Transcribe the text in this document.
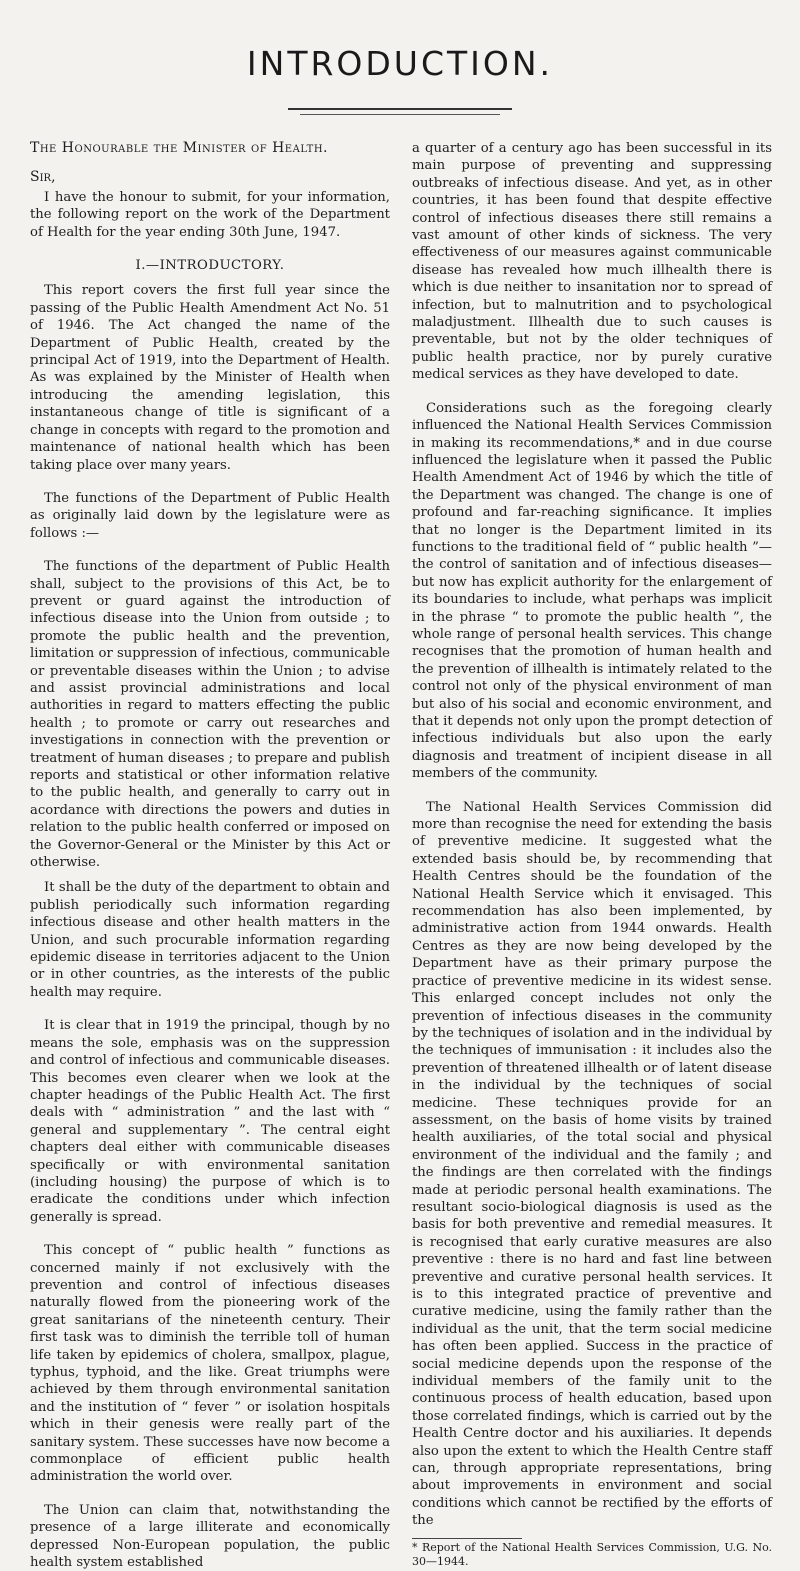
INTRODUCTION.

The Honourable the Minister of Health.

Sir,

I have the honour to submit, for your information, the following report on the work of the Department of Health for the year ending 30th June, 1947.

I.—INTRODUCTORY.

This report covers the first full year since the passing of the Public Health Amendment Act No. 51 of 1946. The Act changed the name of the Department of Public Health, created by the principal Act of 1919, into the Department of Health. As was explained by the Minister of Health when introducing the amending legislation, this instantaneous change of title is significant of a change in concepts with regard to the promotion and maintenance of national health which has been taking place over many years.

The functions of the Department of Public Health as originally laid down by the legislature were as follows :—

The functions of the department of Public Health shall, subject to the provisions of this Act, be to prevent or guard against the introduction of infectious disease into the Union from outside ; to promote the public health and the prevention, limitation or suppression of infectious, communicable or preventable diseases within the Union ; to advise and assist provincial administrations and local authorities in regard to matters effecting the public health ; to promote or carry out researches and investigations in connection with the prevention or treatment of human diseases ; to prepare and publish reports and statistical or other information relative to the public health, and generally to carry out in acordance with directions the powers and duties in relation to the public health conferred or imposed on the Governor-General or the Minister by this Act or otherwise.

It shall be the duty of the department to obtain and publish periodically such information regarding infectious disease and other health matters in the Union, and such procurable information regarding epidemic disease in territories adjacent to the Union or in other countries, as the interests of the public health may require.

It is clear that in 1919 the principal, though by no means the sole, emphasis was on the suppression and control of infectious and communicable diseases. This becomes even clearer when we look at the chapter headings of the Public Health Act. The first deals with “ administration ” and the last with “ general and supplementary ”. The central eight chapters deal either with communicable diseases specifically or with environmental sanitation (including housing) the purpose of which is to eradicate the conditions under which infection generally is spread.

This concept of “ public health ” functions as concerned mainly if not exclusively with the prevention and control of infectious diseases naturally flowed from the pioneering work of the great sanitarians of the nineteenth century. Their first task was to diminish the terrible toll of human life taken by epidemics of cholera, smallpox, plague, typhus, typhoid, and the like. Great triumphs were achieved by them through environmental sanitation and the institution of “ fever ” or isolation hospitals which in their genesis were really part of the sanitary system. These successes have now become a commonplace of efficient public health administration the world over.

The Union can claim that, notwithstanding the presence of a large illiterate and economically depressed Non-European population, the public health system established

a quarter of a century ago has been successful in its main purpose of preventing and suppressing outbreaks of infectious disease. And yet, as in other countries, it has been found that despite effective control of infectious diseases there still remains a vast amount of other kinds of sickness. The very effectiveness of our measures against communicable disease has revealed how much illhealth there is which is due neither to insanitation nor to spread of infection, but to malnutrition and to psychological maladjustment. Illhealth due to such causes is preventable, but not by the older techniques of public health practice, nor by purely curative medical services as they have developed to date.

Considerations such as the foregoing clearly influenced the National Health Services Commission in making its recommendations,* and in due course influenced the legislature when it passed the Public Health Amendment Act of 1946 by which the title of the Department was changed. The change is one of profound and far-reaching significance. It implies that no longer is the Department limited in its functions to the traditional field of “ public health ”—the control of sanitation and of infectious diseases—but now has explicit authority for the enlargement of its boundaries to include, what perhaps was implicit in the phrase “ to promote the public health ”, the whole range of personal health services. This change recognises that the promotion of human health and the prevention of illhealth is intimately related to the control not only of the physical environment of man but also of his social and economic environment, and that it depends not only upon the prompt detection of infectious individuals but also upon the early diagnosis and treatment of incipient disease in all members of the community.

The National Health Services Commission did more than recognise the need for extending the basis of preventive medicine. It suggested what the extended basis should be, by recommending that Health Centres should be the foundation of the National Health Service which it envisaged. This recommendation has also been implemented, by administrative action from 1944 onwards. Health Centres as they are now being developed by the Department have as their primary purpose the practice of preventive medicine in its widest sense. This enlarged concept includes not only the prevention of infectious diseases in the community by the techniques of isolation and in the individual by the techniques of immunisation : it includes also the prevention of threatened illhealth or of latent disease in the individual by the techniques of social medicine. These techniques provide for an assessment, on the basis of home visits by trained health auxiliaries, of the total social and physical environment of the individual and the family ; and the findings are then correlated with the findings made at periodic personal health examinations. The resultant socio-biological diagnosis is used as the basis for both preventive and remedial measures. It is recognised that early curative measures are also preventive : there is no hard and fast line between preventive and curative personal health services. It is to this integrated practice of preventive and curative medicine, using the family rather than the individual as the unit, that the term social medicine has often been applied. Success in the practice of social medicine depends upon the response of the individual members of the family unit to the continuous process of health education, based upon those correlated findings, which is carried out by the Health Centre doctor and his auxiliaries. It depends also upon the extent to which the Health Centre staff can, through appropriate representations, bring about improvements in environment and social conditions which cannot be rectified by the efforts of the

* Report of the National Health Services Commission, U.G. No. 30—1944.
